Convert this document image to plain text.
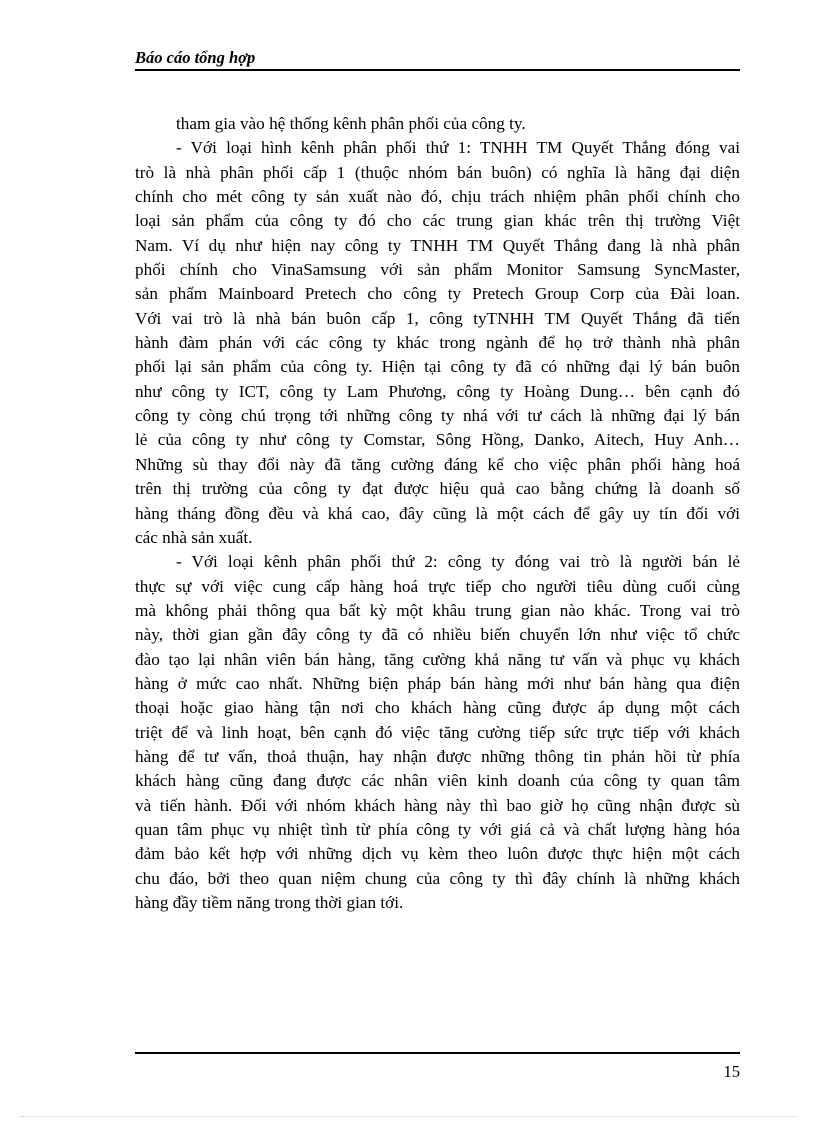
Báo cáo tổng hợp
tham gia vào hệ thống kênh phân phối của công ty.
- Với loại hình kênh phân phối thứ 1: TNHH TM Quyết Thắng đóng vai
trò là nhà phân phối cấp 1 (thuộc nhóm bán buôn) có nghĩa là hãng đại diện
chính cho mét công ty sản xuất nào đó, chịu trách nhiệm phân phối chính cho
loại sản phẩm của công ty đó cho các trung gian khác trên thị trường Việt
Nam. Ví dụ như hiện nay công ty TNHH TM Quyết Thắng đang là nhà phân
phối chính cho VinaSamsung với sản phẩm Monitor Samsung SyncMaster,
sản phẩm Mainboard Pretech cho công ty Pretech Group Corp của Đài loan.
Với vai trò là nhà bán buôn cấp 1, công tyTNHH TM Quyết Thắng đã tiến
hành đàm phán với các công ty khác trong ngành để họ trở thành nhà phân
phối lại sản phẩm của công ty. Hiện tại công ty đã có những đại lý bán buôn
như công ty ICT, công ty Lam Phương, công ty Hoàng Dung… bên cạnh đó
công ty còng chú trọng tới những công ty nhá với tư cách là những đại lý bán
lẻ của công ty như công ty Comstar, Sông Hồng, Danko, Aitech, Huy Anh…
Những sù thay đổi này đã tăng cường đáng kể cho việc phân phối hàng hoá
trên thị trường của công ty đạt được hiệu quả cao bằng chứng là doanh số
hàng tháng đồng đều và khá cao, đây cũng là một cách để gây uy tín đối với
các nhà sản xuất.
- Với loại kênh phân phối thứ 2: công ty đóng vai trò là người bán lẻ
thực sự với việc cung cấp hàng hoá trực tiếp cho người tiêu dùng cuối cùng
mà không phải thông qua bất kỳ một khâu trung gian nào khác. Trong vai trò
này, thời gian gần đây công ty đã có nhiều biến chuyển lớn như việc tổ chức
đào tạo lại nhân viên bán hàng, tăng cường khả năng tư vấn và phục vụ khách
hàng ở mức cao nhất. Những biện pháp bán hàng mới như bán hàng qua điện
thoại hoặc giao hàng tận nơi cho khách hàng cũng được áp dụng một cách
triệt để và linh hoạt, bên cạnh đó việc tăng cường tiếp sức trực tiếp với khách
hàng để tư vấn, thoả thuận, hay nhận được những thông tin phản hồi từ phía
khách hàng cũng đang được các nhân viên kinh doanh của công ty quan tâm
và tiến hành. Đối với nhóm khách hàng này thì bao giờ họ cũng nhận được sù
quan tâm phục vụ nhiệt tình từ phía công ty với giá cả và chất lượng hàng hóa
đảm bảo kết hợp với những dịch vụ kèm theo luôn được thực hiện một cách
chu đáo, bởi theo quan niệm chung của công ty thì đây chính là những khách
hàng đầy tiềm năng trong thời gian tới.
15
